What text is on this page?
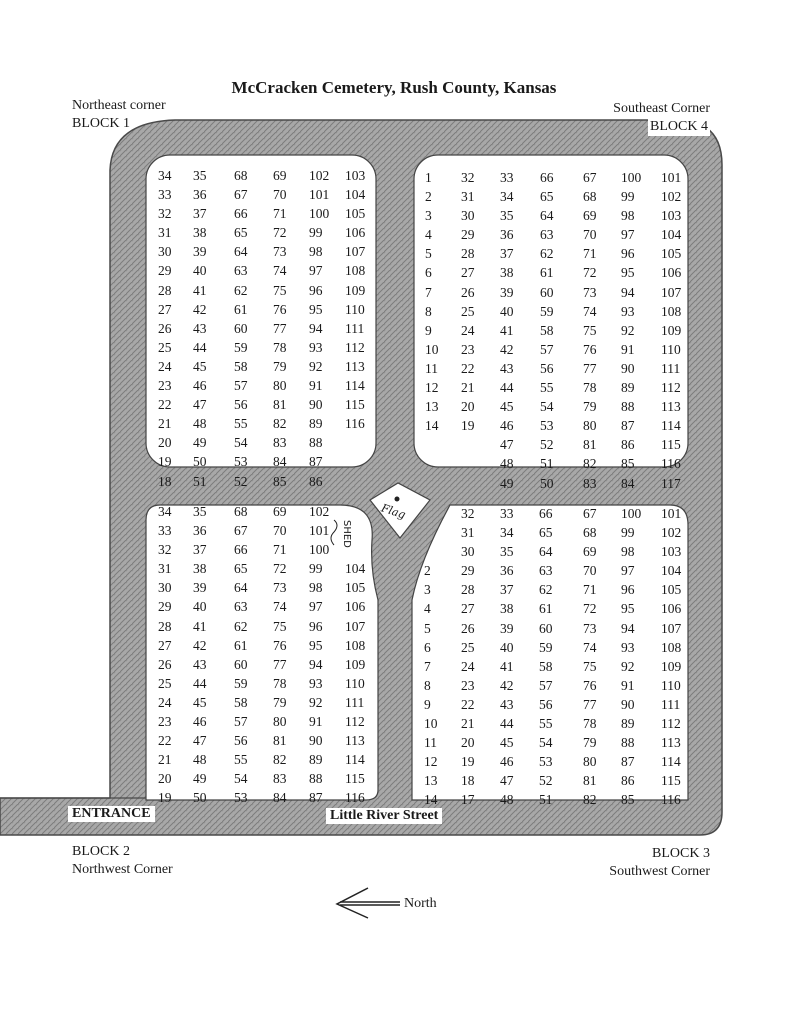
McCracken Cemetery, Rush County, Kansas
Northeast corner
BLOCK 1
Southeast Corner
BLOCK 4
BLOCK 2
Northwest Corner
BLOCK 3
Southwest Corner
ENTRANCE	Little River Street
North
Flag
SHED
34
33
32
31
30
29
28
27
26
25
24
23
22
21
20
19
18
35
36
37
38
39
40
41
42
43
44
45
46
47
48
49
50
51
68
67
66
65
64
63
62
61
60
59
58
57
56
55
54
53
52
69
70
71
72
73
74
75
76
77
78
79
80
81
82
83
84
85
102
101
100
99
98
97
96
95
94
93
92
91
90
89
88
87
86
103
104
105
106
107
108
109
110
111
112
113
114
115
116
1
2
3
4
5
6
7
8
9
10
11
12
13
14
32
31
30
29
28
27
26
25
24
23
22
21
20
19
33
34
35
36
37
38
39
40
41
42
43
44
45
46
47
48
49
66
65
64
63
62
61
60
59
58
57
56
55
54
53
52
51
50
67
68
69
70
71
72
73
74
75
76
77
78
79
80
81
82
83
100
99
98
97
96
95
94
93
92
91
90
89
88
87
86
85
84
101
102
103
104
105
106
107
108
109
110
111
112
113
114
115
116
117
34
33
32
31
30
29
28
27
26
25
24
23
22
21
20
19
35
36
37
38
39
40
41
42
43
44
45
46
47
48
49
50
68
67
66
65
64
63
62
61
60
59
58
57
56
55
54
53
69
70
71
72
73
74
75
76
77
78
79
80
81
82
83
84
102
101
100
99
98
97
96
95
94
93
92
91
90
89
88
87
104
105
106
107
108
109
110
111
112
113
114
115
116
2
3
4
5
6
7
8
9
10
11
12
13
14
32
31
30
29
28
27
26
25
24
23
22
21
20
19
18
17
33
34
35
36
37
38
39
40
41
42
43
44
45
46
47
48
66
65
64
63
62
61
60
59
58
57
56
55
54
53
52
51
67
68
69
70
71
72
73
74
75
76
77
78
79
80
81
82
100
99
98
97
96
95
94
93
92
91
90
89
88
87
86
85
101
102
103
104
105
106
107
108
109
110
111
112
113
114
115
116
